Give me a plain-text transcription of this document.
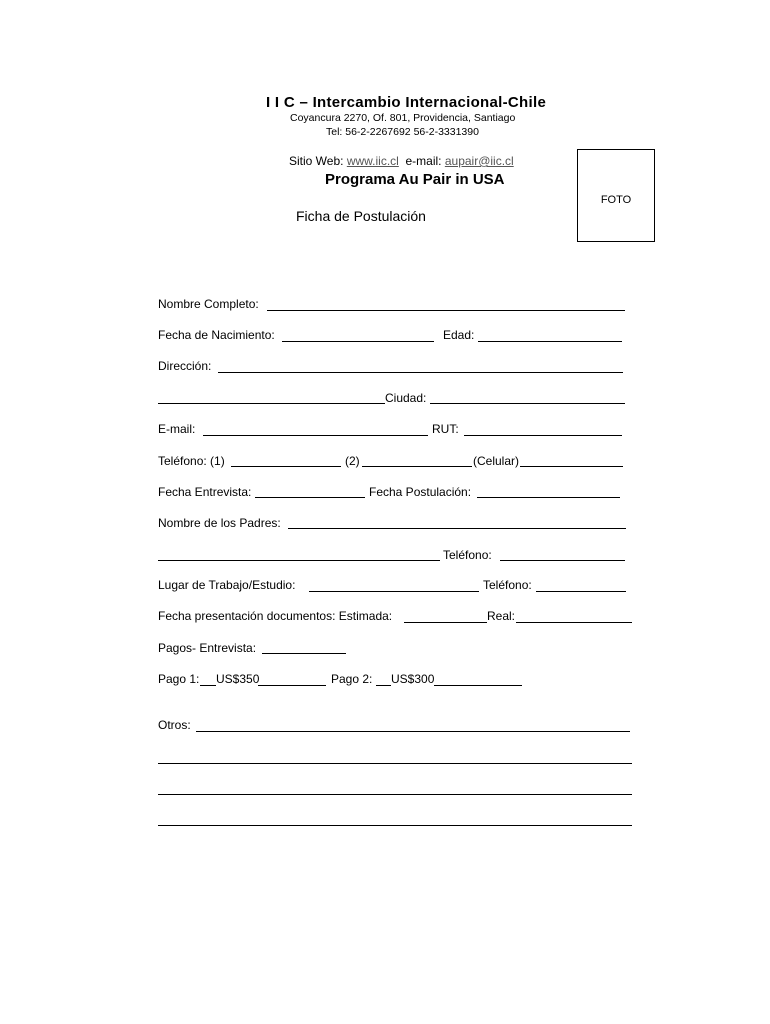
I I C – Intercambio Internacional-Chile
Coyancura 2270, Of. 801, Providencia, Santiago
Tel: 56-2-2267692 56-2-3331390
Sitio Web: www.iic.cl  e-mail: aupair@iic.cl
Programa Au Pair in USA
Ficha de Postulación
FOTO
Nombre Completo:
Fecha de Nacimiento:	Edad:
Dirección:
Ciudad:
E-mail:	RUT:
Teléfono: (1)	(2)	(Celular)
Fecha Entrevista:	Fecha Postulación:
Nombre de los Padres:
Teléfono:
Lugar de Trabajo/Estudio:	Teléfono:
Fecha presentación documentos: Estimada:	Real:
Pagos- Entrevista:
Pago 1: US$350	Pago 2: US$300
Otros:
